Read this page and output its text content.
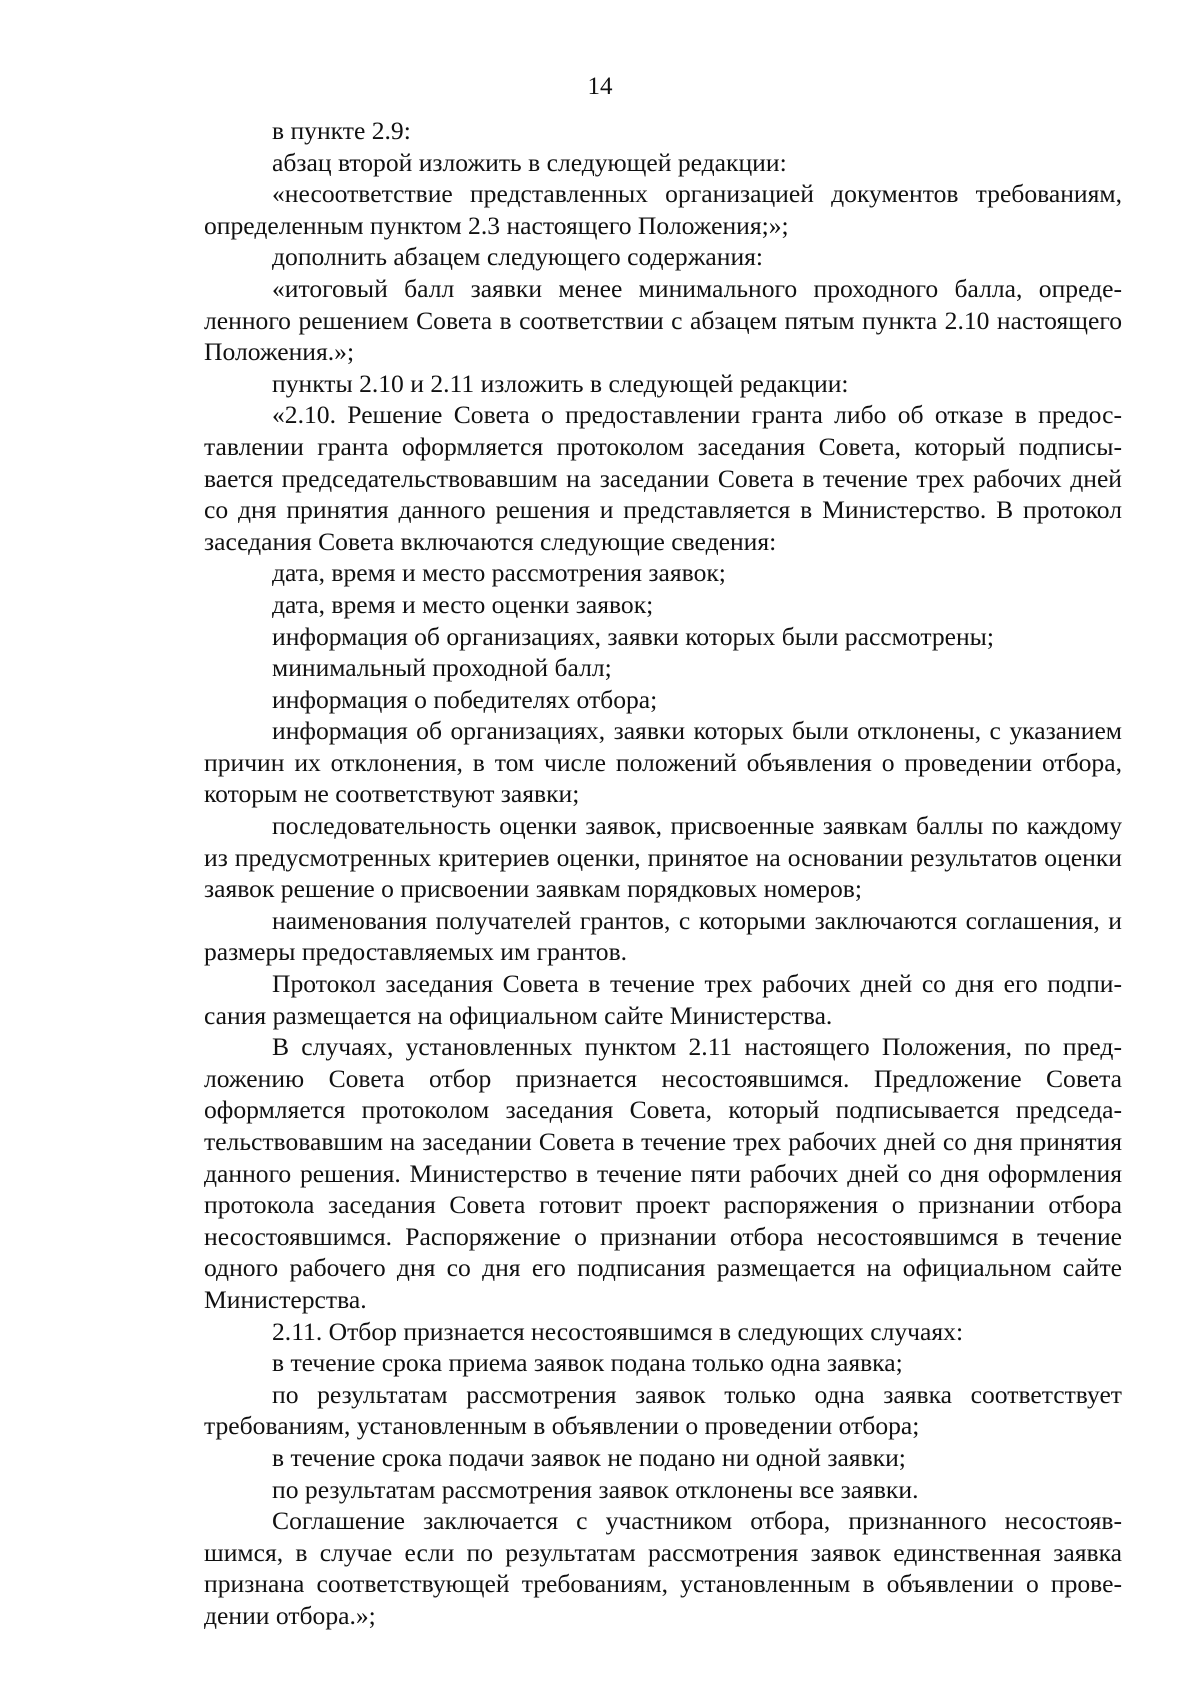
14

в пункте 2.9:

абзац второй изложить в следующей редакции:

«несоответствие представленных организацией документов требованиям, определенным пунктом 2.3 настоящего Положения;»;

дополнить абзацем следующего содержания:

«итоговый балл заявки менее минимального проходного балла, определенного решением Совета в соответствии с абзацем пятым пункта 2.10 настоящего Положения.»;

пункты 2.10 и 2.11 изложить в следующей редакции:

«2.10. Решение Совета о предоставлении гранта либо об отказе в предоставлении гранта оформляется протоколом заседания Совета, который подписывается председательствовавшим на заседании Совета в течение трех рабочих дней со дня принятия данного решения и представляется в Министерство. В протокол заседания Совета включаются следующие сведения:

дата, время и место рассмотрения заявок;

дата, время и место оценки заявок;

информация об организациях, заявки которых были рассмотрены;

минимальный проходной балл;

информация о победителях отбора;

информация об организациях, заявки которых были отклонены, с указанием причин их отклонения, в том числе положений объявления о проведении отбора, которым не соответствуют заявки;

последовательность оценки заявок, присвоенные заявкам баллы по каждому из предусмотренных критериев оценки, принятое на основании результатов оценки заявок решение о присвоении заявкам порядковых номеров;

наименования получателей грантов, с которыми заключаются соглашения, и размеры предоставляемых им грантов.

Протокол заседания Совета в течение трех рабочих дней со дня его подписания размещается на официальном сайте Министерства.

В случаях, установленных пунктом 2.11 настоящего Положения, по предложению Совета отбор признается несостоявшимся. Предложение Совета оформляется протоколом заседания Совета, который подписывается председательствовавшим на заседании Совета в течение трех рабочих дней со дня принятия данного решения. Министерство в течение пяти рабочих дней со дня оформления протокола заседания Совета готовит проект распоряжения о признании отбора несостоявшимся. Распоряжение о признании отбора несостоявшимся в течение одного рабочего дня со дня его подписания размещается на официальном сайте Министерства.

2.11. Отбор признается несостоявшимся в следующих случаях:

в течение срока приема заявок подана только одна заявка;

по результатам рассмотрения заявок только одна заявка соответствует требованиям, установленным в объявлении о проведении отбора;

в течение срока подачи заявок не подано ни одной заявки;

по результатам рассмотрения заявок отклонены все заявки.

Соглашение заключается с участником отбора, признанного несостоявшимся, в случае если по результатам рассмотрения заявок единственная заявка признана соответствующей требованиям, установленным в объявлении о проведении отбора.»;
